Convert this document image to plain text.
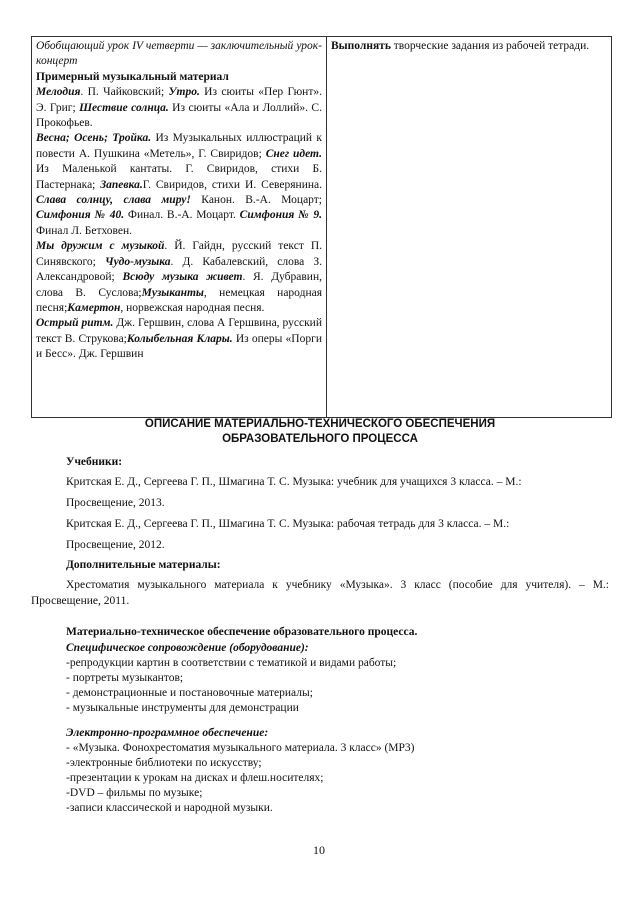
Обобщающий урок IV четверти — заключительный урок-концерт
Примерный музыкальный материал
Мелодия. П. Чайковский; Утро. Из сюиты «Пер Гюнт». Э. Григ; Шествие солнца. Из сюиты «Ала и Лоллий». С. Прокофьев.
Весна; Осень; Тройка. Из Музыкальных иллюстраций к повести А. Пушкина «Метель», Г. Свиридов; Снег идет. Из Маленькой кантаты. Г. Свиридов, стихи Б. Пастернака; Запевка.Г. Свиридов, стихи И. Северянина. Слава солнцу, слава миру! Канон. В.-А. Моцарт; Симфония № 40. Финал. В.-А. Моцарт. Симфония № 9. Финал Л. Бетховен.
Мы дружим с музыкой. Й. Гайдн, русский текст П. Синявского; Чудо-музыка. Д. Кабалевский, слова З. Александровой; Всюду музыка живет. Я. Дубравин, слова В. Суслова;Музыканты, немецкая народная песня;Камертон, норвежская народная песня.
Острый ритм. Дж. Гершвин, слова А Гершвина, русский текст В. Струкова;Колыбельная Клары. Из оперы «Порги и Бесс». Дж. Гершвин	Выполнять творческие задания из рабочей тетради.
ОПИСАНИЕ МАТЕРИАЛЬНО-ТЕХНИЧЕСКОГО ОБЕСПЕЧЕНИЯ
ОБРАЗОВАТЕЛЬНОГО ПРОЦЕССА
Учебники:
Критская Е. Д., Сергеева Г. П., Шмагина Т. С. Музыка: учебник для учащихся 3 класса. – М.:
Просвещение, 2013.
Критская Е. Д., Сергеева Г. П., Шмагина Т. С. Музыка: рабочая тетрадь для 3 класса. – М.:
Просвещение, 2012.
Дополнительные материалы:
Хрестоматия музыкального материала к учебнику «Музыка». 3 класс (пособие для учителя). – М.: Просвещение, 2011.
Материально-техническое обеспечение образовательного процесса.
Специфическое сопровождение (оборудование):
-репродукции картин в соответствии с тематикой и видами работы;
- портреты музыкантов;
- демонстрационные и постановочные материалы;
- музыкальные инструменты для демонстрации
Электронно-программное обеспечение:
- «Музыка. Фонохрестоматия музыкального материала. 3 класс» (MP3)
-электронные библиотеки по искусству;
-презентации к урокам на дисках и флеш.носителях;
-DVD – фильмы по музыке;
-записи классической и народной музыки.
10
